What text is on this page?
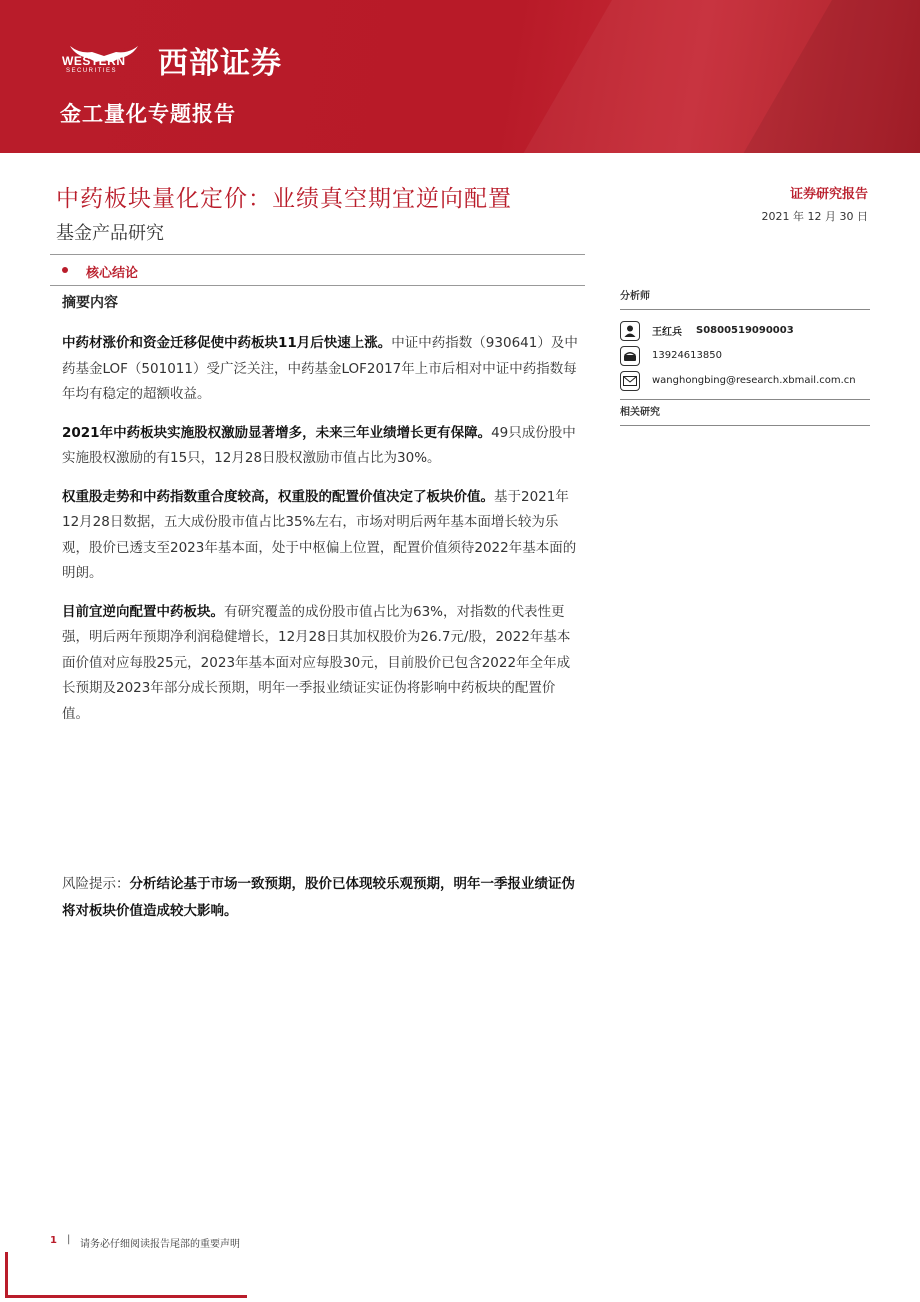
WESTERN
SECURITIES 西部证券
金工量化专题报告
中药板块量化定价：业绩真空期宜逆向配置
基金产品研究
证券研究报告
2021 年 12 月 30 日
核心结论
摘要内容

中药材涨价和资金迁移促使中药板块11月后快速上涨。中证中药指数（930641）及中药基金LOF（501011）受广泛关注，中药基金LOF2017年上市后相对中证中药指数每年均有稳定的超额收益。

2021年中药板块实施股权激励显著增多，未来三年业绩增长更有保障。49只成份股中实施股权激励的有15只，12月28日股权激励市值占比为30%。

权重股走势和中药指数重合度较高，权重股的配置价值决定了板块价值。基于2021年12月28日数据，五大成份股市值占比35%左右，市场对明后两年基本面增长较为乐观，股价已透支至2023年基本面，处于中枢偏上位置，配置价值须待2022年基本面的明朗。

目前宜逆向配置中药板块。有研究覆盖的成份股市值占比为63%，对指数的代表性更强，明后两年预期净利润稳健增长，12月28日其加权股价为26.7元/股，2022年基本面价值对应每股25元，2023年基本面对应每股30元，目前股价已包含2022年全年成长预期及2023年部分成长预期，明年一季报业绩证实证伪将影响中药板块的配置价值。

风险提示：分析结论基于市场一致预期，股价已体现较乐观预期，明年一季报业绩证伪将对板块价值造成较大影响。
分析师
王红兵 S0800519090003
13924613850
wanghongbing@research.xbmail.com.cn
相关研究
1 | 请务必仔细阅读报告尾部的重要声明
